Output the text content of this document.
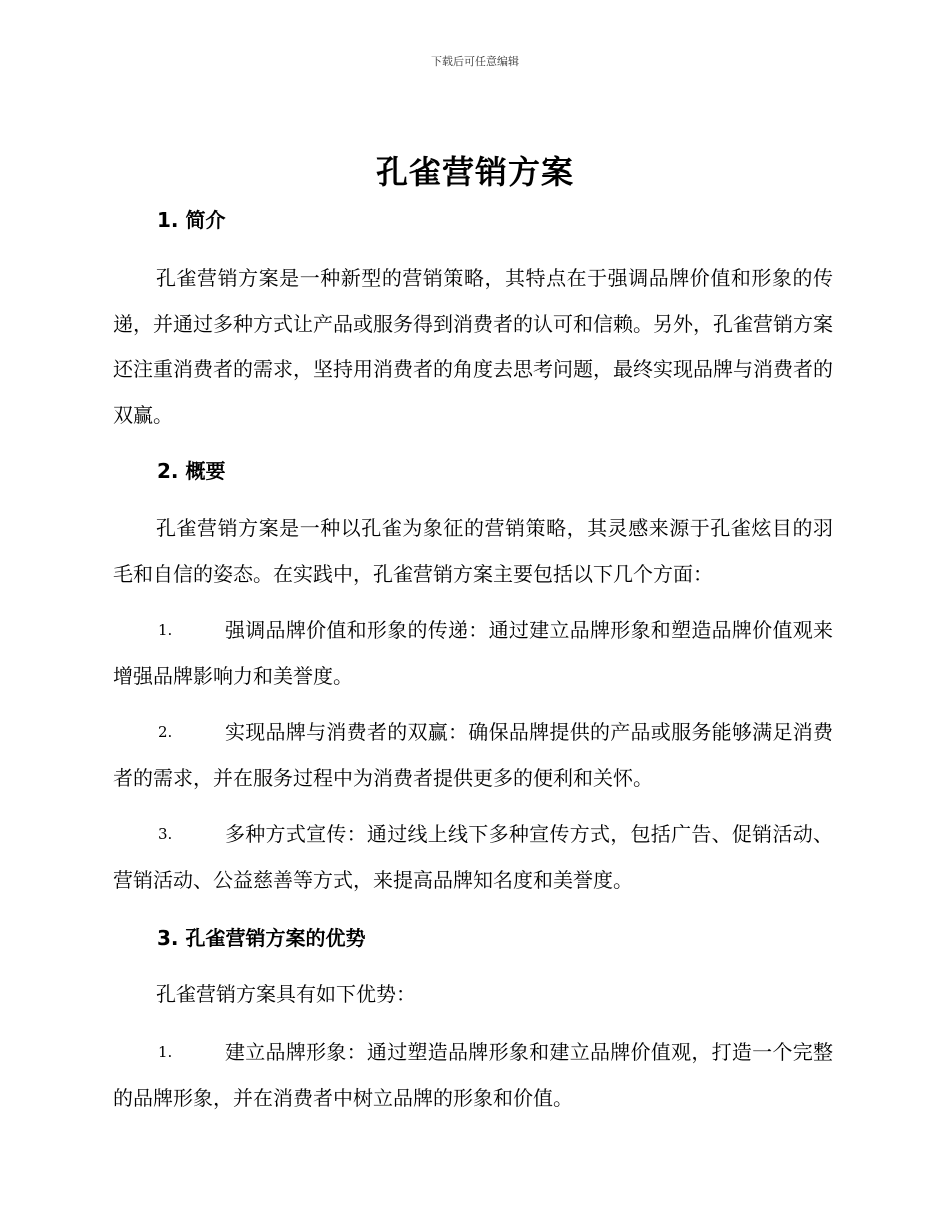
下载后可任意编辑
孔雀营销方案
1. 简介

孔雀营销方案是一种新型的营销策略，其特点在于强调品牌价值和形象的传递，并通过多种方式让产品或服务得到消费者的认可和信赖。另外，孔雀营销方案还注重消费者的需求，坚持用消费者的角度去思考问题，最终实现品牌与消费者的双赢。

2. 概要

孔雀营销方案是一种以孔雀为象征的营销策略，其灵感来源于孔雀炫目的羽毛和自信的姿态。在实践中，孔雀营销方案主要包括以下几个方面：

1.	强调品牌价值和形象的传递：通过建立品牌形象和塑造品牌价值观来增强品牌影响力和美誉度。
2.	实现品牌与消费者的双赢：确保品牌提供的产品或服务能够满足消费者的需求，并在服务过程中为消费者提供更多的便利和关怀。
3.	多种方式宣传：通过线上线下多种宣传方式，包括广告、促销活动、营销活动、公益慈善等方式，来提高品牌知名度和美誉度。
3. 孔雀营销方案的优势

孔雀营销方案具有如下优势：

1.	建立品牌形象：通过塑造品牌形象和建立品牌价值观，打造一个完整的品牌形象，并在消费者中树立品牌的形象和价值。
